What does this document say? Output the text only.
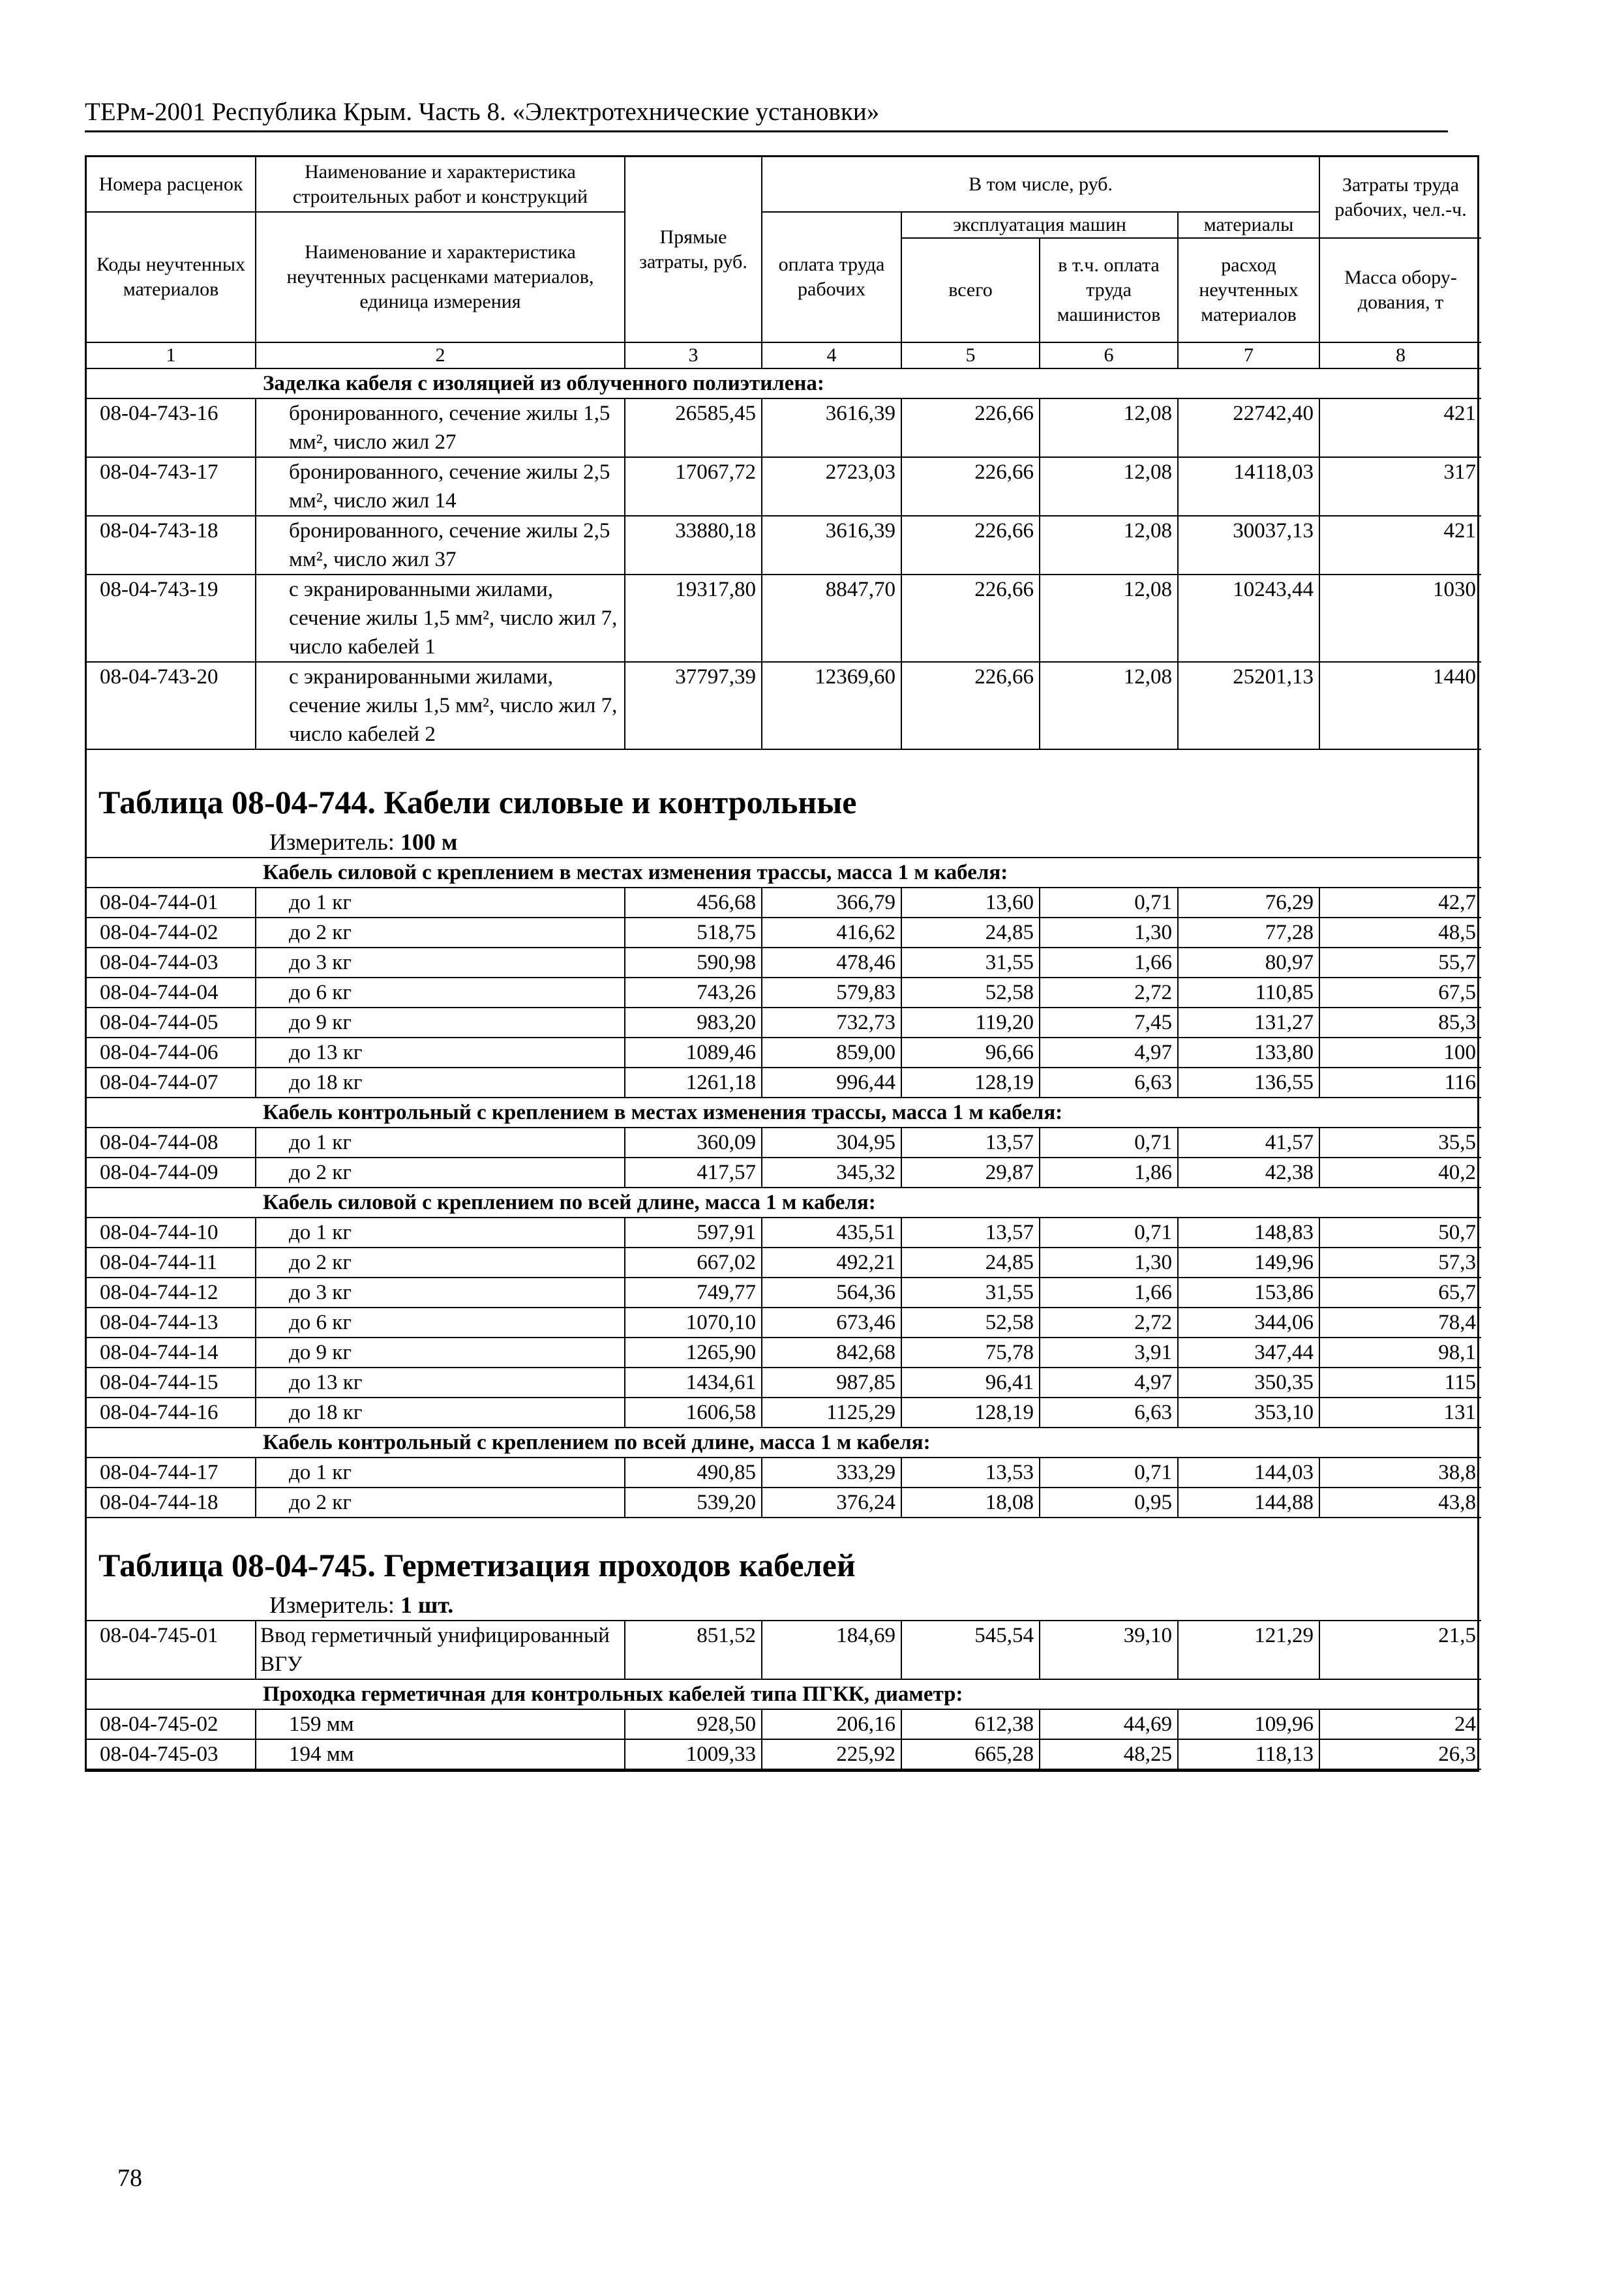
ТЕРм-2001 Республика Крым. Часть 8. «Электротехнические установки»
Номера расценок	Наименование и характеристика строительных работ и конструкций	Прямые затраты, руб.	В том числе, руб.				Затраты труда рабочих, чел.-ч.
Коды неучтенных материалов	Наименование и характеристика неучтенных расценками материалов, единица измерения		оплата труда рабочих	эксплуатация машин		материалы	
				всего	в т.ч. оплата труда машинистов	расход неучтенных материалов	Масса обору-дования, т
1	2	3	4	5	6	7	8
Заделка кабеля с изоляцией из облученного полиэтилена:							
08-04-743-16	бронированного, сечение жилы 1,5 мм², число жил 27	26585,45	3616,39	226,66	12,08	22742,40	421
08-04-743-17	бронированного, сечение жилы 2,5 мм², число жил 14	17067,72	2723,03	226,66	12,08	14118,03	317
08-04-743-18	бронированного, сечение жилы 2,5 мм², число жил 37	33880,18	3616,39	226,66	12,08	30037,13	421
08-04-743-19	с экранированными жилами, сечение жилы 1,5 мм², число жил 7, число кабелей 1	19317,80	8847,70	226,66	12,08	10243,44	1030
08-04-743-20	с экранированными жилами, сечение жилы 1,5 мм², число жил 7, число кабелей 2	37797,39	12369,60	226,66	12,08	25201,13	1440

Таблица 08-04-744. Кабели силовые и контрольные
Измеритель: 100 м
Кабель силовой с креплением в местах изменения трассы, масса 1 м кабеля:							
08-04-744-01	до 1 кг	456,68	366,79	13,60	0,71	76,29	42,7
08-04-744-02	до 2 кг	518,75	416,62	24,85	1,30	77,28	48,5
08-04-744-03	до 3 кг	590,98	478,46	31,55	1,66	80,97	55,7
08-04-744-04	до 6 кг	743,26	579,83	52,58	2,72	110,85	67,5
08-04-744-05	до 9 кг	983,20	732,73	119,20	7,45	131,27	85,3
08-04-744-06	до 13 кг	1089,46	859,00	96,66	4,97	133,80	100
08-04-744-07	до 18 кг	1261,18	996,44	128,19	6,63	136,55	116
Кабель контрольный с креплением в местах изменения трассы, масса 1 м кабеля:							
08-04-744-08	до 1 кг	360,09	304,95	13,57	0,71	41,57	35,5
08-04-744-09	до 2 кг	417,57	345,32	29,87	1,86	42,38	40,2
Кабель силовой с креплением по всей длине, масса 1 м кабеля:							
08-04-744-10	до 1 кг	597,91	435,51	13,57	0,71	148,83	50,7
08-04-744-11	до 2 кг	667,02	492,21	24,85	1,30	149,96	57,3
08-04-744-12	до 3 кг	749,77	564,36	31,55	1,66	153,86	65,7
08-04-744-13	до 6 кг	1070,10	673,46	52,58	2,72	344,06	78,4
08-04-744-14	до 9 кг	1265,90	842,68	75,78	3,91	347,44	98,1
08-04-744-15	до 13 кг	1434,61	987,85	96,41	4,97	350,35	115
08-04-744-16	до 18 кг	1606,58	1125,29	128,19	6,63	353,10	131
Кабель контрольный с креплением по всей длине, масса 1 м кабеля:							
08-04-744-17	до 1 кг	490,85	333,29	13,53	0,71	144,03	38,8
08-04-744-18	до 2 кг	539,20	376,24	18,08	0,95	144,88	43,8
Таблица 08-04-745. Герметизация проходов кабелей
Измеритель: 1 шт.
08-04-745-01	Ввод герметичный унифицированный ВГУ	851,52	184,69	545,54	39,10	121,29	21,5
Проходка герметичная для контрольных кабелей типа ПГКК, диаметр:							
08-04-745-02	159 мм	928,50	206,16	612,38	44,69	109,96	24
08-04-745-03	194 мм	1009,33	225,92	665,28	48,25	118,13	26,3
78
